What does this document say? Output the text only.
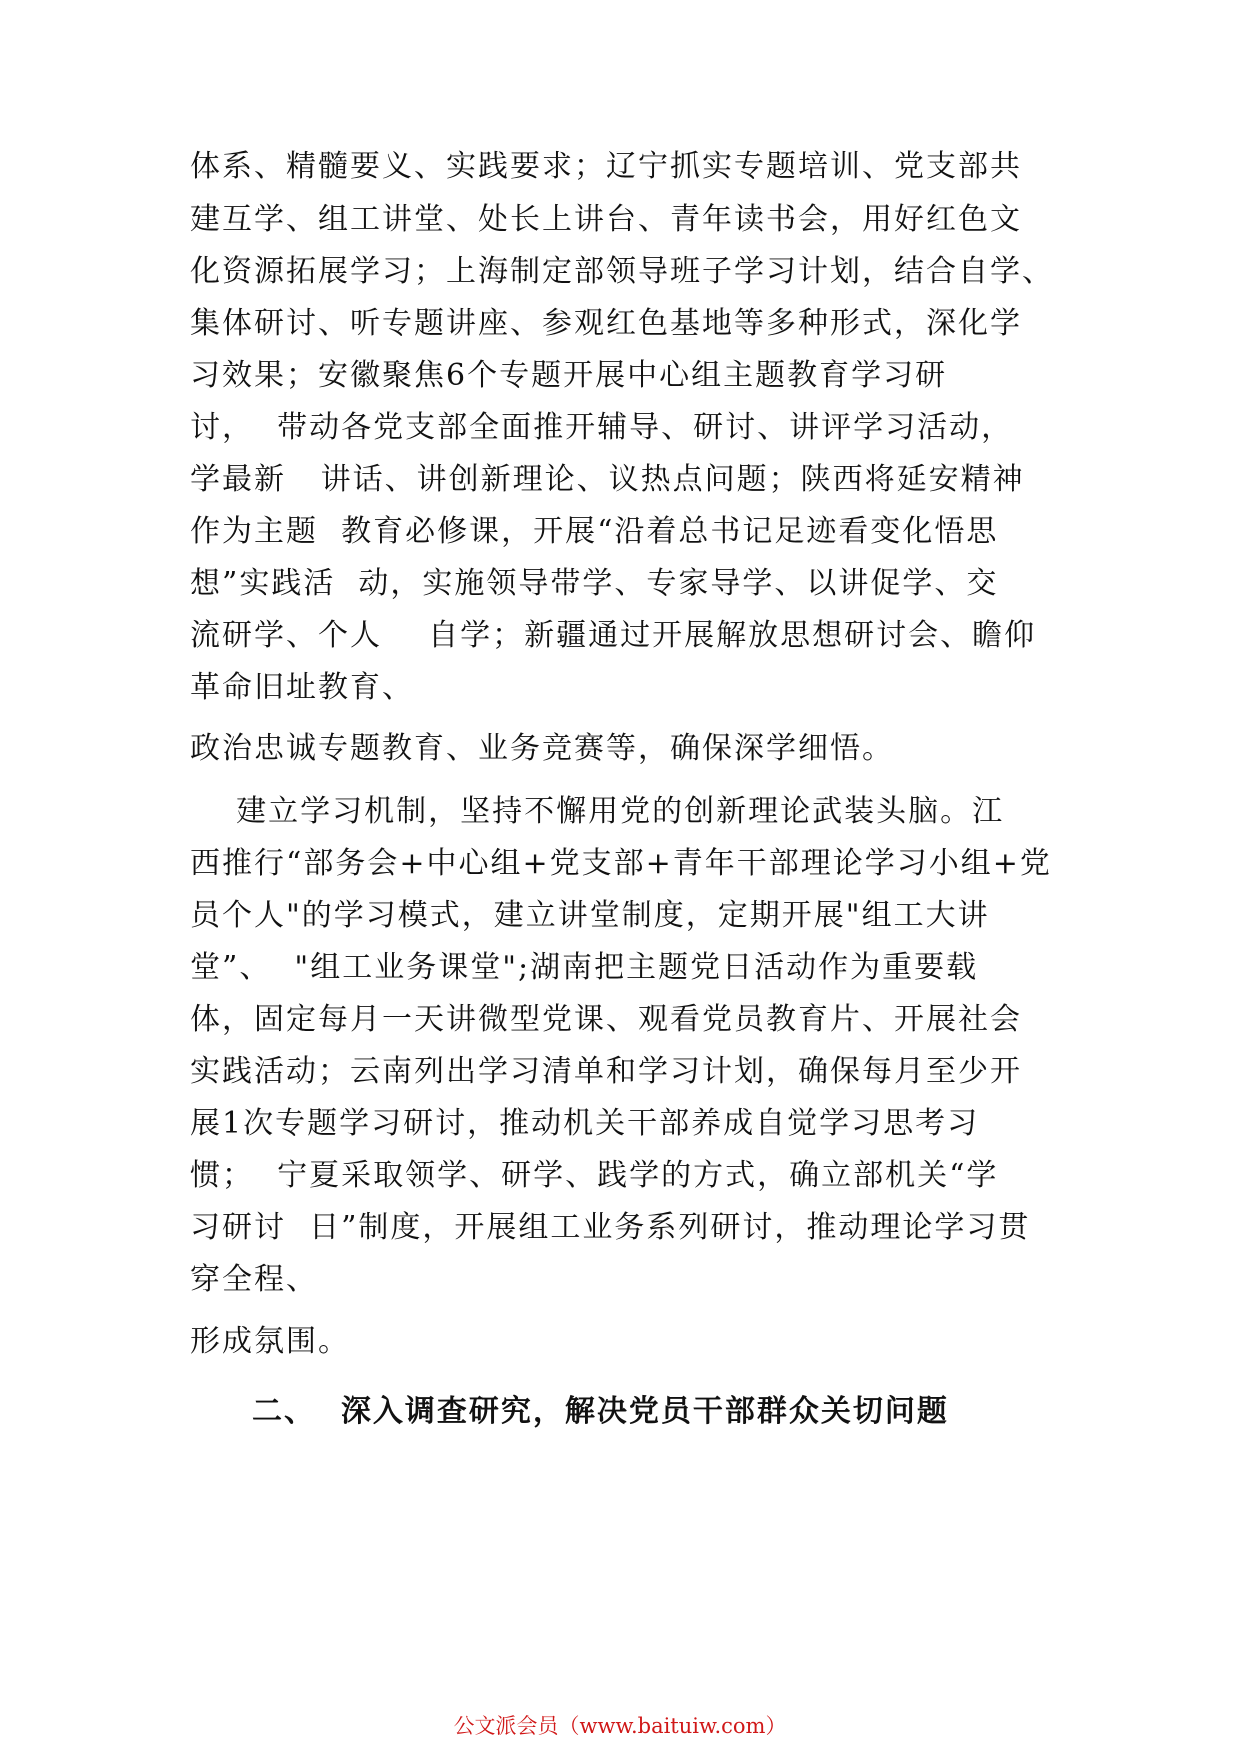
体系、精髓要义、实践要求；辽宁抓实专题培训、党支部共
建互学、组工讲堂、处长上讲台、青年读书会，用好红色文
化资源拓展学习；上海制定部领导班子学习计划，结合自学、
集体研讨、听专题讲座、参观红色基地等多种形式，深化学
习效果；安徽聚焦6个专题开展中心组主题教育学习研
讨，  带动各党支部全面推开辅导、研讨、讲评学习活动，
学最新   讲话、讲创新理论、议热点问题；陕西将延安精神
作为主题  教育必修课，开展“沿着总书记足迹看变化悟思
想”实践活  动，实施领导带学、专家导学、以讲促学、交
流研学、个人    自学；新疆通过开展解放思想研讨会、瞻仰
革命旧址教育、
政治忠诚专题教育、业务竞赛等，确保深学细悟。
建立学习机制，坚持不懈用党的创新理论武装头脑。江
西推行“部务会+中心组+党支部+青年干部理论学习小组+党
员个人"的学习模式，建立讲堂制度，定期开展"组工大讲
堂”、  "组工业务课堂";湖南把主题党日活动作为重要载
体，固定每月一天讲微型党课、观看党员教育片、开展社会
实践活动；云南列出学习清单和学习计划，确保每月至少开
展1次专题学习研讨，推动机关干部养成自觉学习思考习
惯；  宁夏采取领学、研学、践学的方式，确立部机关“学
习研讨  日”制度，开展组工业务系列研讨，推动理论学习贯
穿全程、
形成氛围。
二、  深入调查研究，解决党员干部群众关切问题
公文派会员（www.baituiw.com）
